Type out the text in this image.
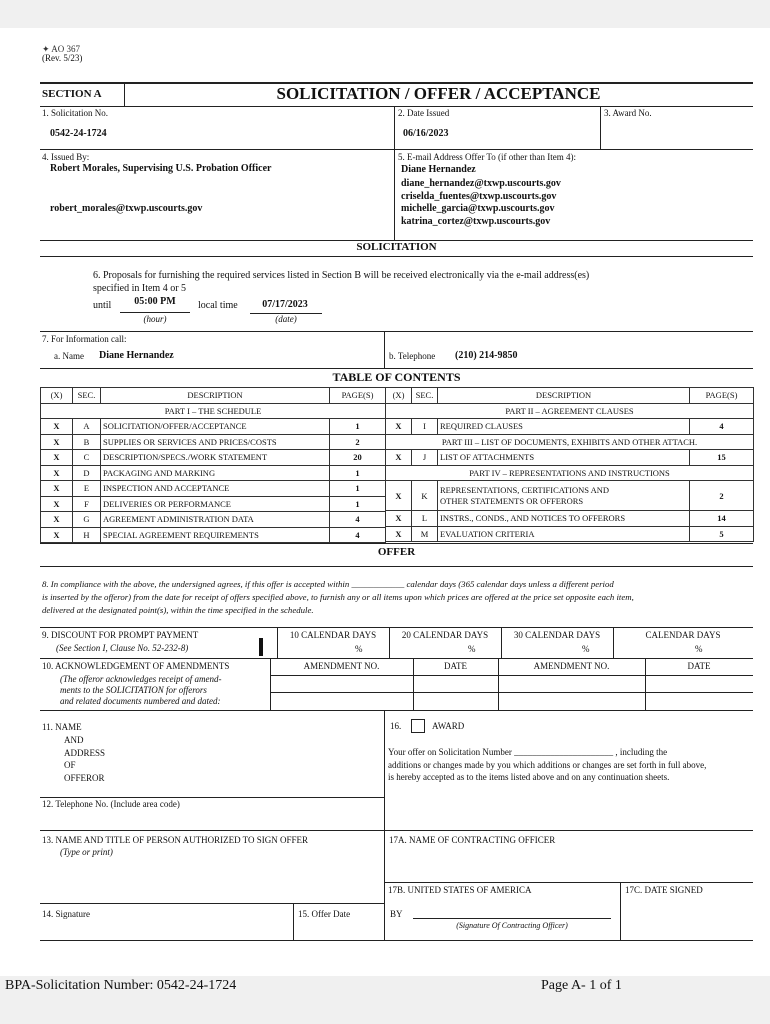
✦ AO 367
(Rev. 5/23)
SECTION A	SOLICITATION / OFFER / ACCEPTANCE
1. Solicitation No.
0542-24-1724
2. Date Issued
06/16/2023
3. Award No.
4. Issued By:
Robert Morales, Supervising U.S. Probation Officer
robert_morales@txwp.uscourts.gov
5. E-mail Address Offer To (if other than Item 4):
Diane Hernandez
diane_hernandez@txwp.uscourts.gov
criselda_fuentes@txwp.uscourts.gov
michelle_garcia@txwp.uscourts.gov
katrina_cortez@txwp.uscourts.gov
SOLICITATION
6. Proposals for furnishing the required services listed in Section B will be received electronically via the e-mail address(es)
specified in Item 4 or 5
until	05:00 PM
(hour)
local time	07/17/2023
(date)
7. For Information call:
a. Name Diane Hernandez	b. Telephone (210) 214-9850
TABLE OF CONTENTS
(X)	SEC.	DESCRIPTION	PAGE(S)
PART I – THE SCHEDULE			
X	A	SOLICITATION/OFFER/ACCEPTANCE	1
X	B	SUPPLIES OR SERVICES AND PRICES/COSTS	2
X	C	DESCRIPTION/SPECS./WORK STATEMENT	20
X	D	PACKAGING AND MARKING	1
X	E	INSPECTION AND ACCEPTANCE	1
X	F	DELIVERIES OR PERFORMANCE	1
X	G	AGREEMENT ADMINISTRATION DATA	4
X	H	SPECIAL AGREEMENT REQUIREMENTS	4
(X)	SEC.	DESCRIPTION	PAGE(S)
PART II – AGREEMENT CLAUSES			
X	I	REQUIRED CLAUSES	4
PART III – LIST OF DOCUMENTS, EXHIBITS AND OTHER ATTACH.			
X	J	LIST OF ATTACHMENTS	15
PART IV – REPRESENTATIONS AND INSTRUCTIONS			
X	K	REPRESENTATIONS, CERTIFICATIONS AND
OTHER STATEMENTS OR OFFERORS	2
X	L	INSTRS., CONDS., AND NOTICES TO OFFERORS	14
X	M	EVALUATION CRITERIA	5
OFFER
8. In compliance with the above, the undersigned agrees, if this offer is accepted within ____________ calendar days (365 calendar days unless a different period
is inserted by the offeror) from the date for receipt of offers specified above, to furnish any or all items upon which prices are offered at the price set opposite each item,
delivered at the designated point(s), within the time specified in the schedule.
9. DISCOUNT FOR PROMPT PAYMENT
(See Section I, Clause No. 52-232-8)
10 CALENDAR DAYS	20 CALENDAR DAYS	30 CALENDAR DAYS	CALENDAR DAYS
%	%	%	%
10. ACKNOWLEDGEMENT OF AMENDMENTS
(The offeror acknowledges receipt of amend-
ments to the SOLICITATION for offerors
and related documents numbered and dated:
AMENDMENT NO.	DATE	AMENDMENT NO.	DATE
11. NAME
AND
ADDRESS
OF
OFFEROR
16.	AWARD
Your offer on Solicitation Number ______________________ , including the
additions or changes made by you which additions or changes are set forth in full above,
is hereby accepted as to the items listed above and on any continuation sheets.
12. Telephone No. (Include area code)
13. NAME AND TITLE OF PERSON AUTHORIZED TO SIGN OFFER
(Type or print)
17A. NAME OF CONTRACTING OFFICER
17B. UNITED STATES OF AMERICA	17C. DATE SIGNED
14. Signature	15. Offer Date	BY
(Signature Of Contracting Officer)
BPA-Solicitation Number: 0542-24-1724	Page A- 1 of 1
